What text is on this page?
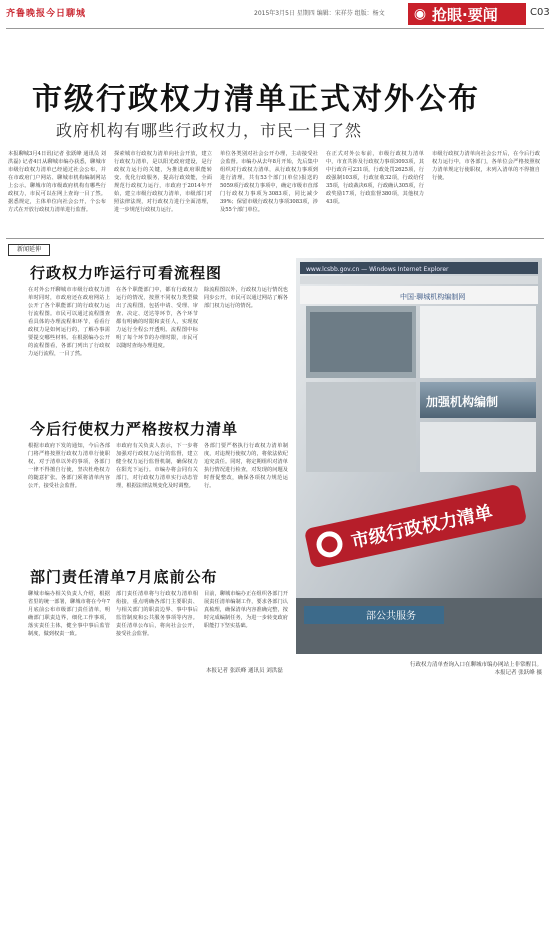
齐鲁晚报今日聊城	2015年3月5日 星期四 编辑：宋祥芬 组版：杨文 ◉ 抢眼·要闻	C03
市级行政权力清单正式对外公布
政府机构有哪些行政权力，市民一目了然
本报聊城3月4日讯(记者 张跃峰 通讯员 刘洪磊) 记者4日从聊城市编办获悉，聊城市市级行政权力清单已经通过社会公布，并在市政府门户网站、聊城市机构编制网站上公示。聊城市的市级政府机构有哪些行政权力，市民可以在网上查询一目了然。据悉规定，主体单位向社会公开，个公布方式在开放行政权力清单进行监督。
探索城市行政权力清单向社会开放，建立行政权力清单，是以阳光政府建设，是行政权力运行的关键，为推进政府职能转变、优化行政服务，提高行政效能，全面规范行政权力运行，市政府于2014年开始，建立市级行政权力清单，市级部门对照法律法规，对行政权力进行全面清理，进一步规范行政权力运行。
单位各类别对社会公开办理，主动接受社会监督。市编办从去年8月开始，先后集中组织对行政权力清单，从行政权力事项到进行清理，共有53个部门(单位)报送的5059项行政权力事项中，确定市级市直部门行政权力事项为3083项，同比减少39%；保留市级行政权力事项3083项，涉及55个部门单位。
在正式对外公布前，市级行政权力清单中，市直共涉及行政权力事项3093项，其中行政许可231项，行政处罚2625项，行政强制103项，行政征收32项，行政给付35项，行政裁决6项，行政确认305项，行政奖励17项，行政监督380项，其他权力43项。
市级行政权力清单向社会公开后，在今后行政权力运行中，市各部门，各单位会严格按照权力清单规定行使职权，未列入清单的不得擅自行使。
新闻延伸
行政权力咋运行可看流程图
在对外公开聊城市市级行政权力清单时同时，市政府还在政府网站上公开了各个职能部门的行政权力运行流程图。市民可以通过流程图查看具体的办理流程和环节，看看行政权力是如何运行的，了解办事需要提交哪些材料。在根据编办公开的流程图看，各部门列出了行政权力运行流程，一目了然。
在各个职能部门中，都有行政权力运行的情况，按照不同权力类型做出了流程图，包括申请、受理、审查、决定、送达等环节，各个环节都有明确的时限和责任人，实现权力运行全程公开透明。流程图中标明了每个环节的办理时限，市民可以随时查询办理进度。
除流程图以外，行政权力运行情况也同步公开，市民可以通过网站了解各部门权力运行的情况。
今后行使权力严格按权力清单
根据市政府下发的通知，今后各部门将严格按照行政权力清单行使职权，对于清单以外的事项，各部门一律不得擅自行使，坚决杜绝权力的随意扩张。各部门须将清单内容公开，接受社会监督。
市政府有关负责人表示，下一步将加强对行政权力运行的监督，建立健全权力运行监督机制，确保权力在阳光下运行。市编办将会同有关部门，对行政权力清单实行动态管理，根据法律法规变化及时调整。
各部门要严格执行行政权力清单制度，对违规行使权力的，将依法依纪追究责任。同时，将定期组织对清单执行情况进行检查，对发现的问题及时督促整改，确保各项权力规范运行。
部门责任清单7月底前公布
聊城市编办相关负责人介绍，根据省里的统一部署，聊城市将在今年7月底前公布市级部门责任清单，明确部门职责边界，细化工作事项，落实责任主体，健全事中事后监管制度，做到权责一致。
部门责任清单将与行政权力清单相衔接，重点明确各部门主要职责、与相关部门的职责边界、事中事后监管制度和公共服务事项等内容。责任清单公布后，将向社会公开，接受社会监督。
目前，聊城市编办正在组织各部门开展责任清单编制工作，要求各部门认真梳理，确保清单内容准确完整，按时完成编制任务，为进一步转变政府职能打下坚实基础。
本报记者 张跃峰 通讯员 刘洪磊
www.lcsbb.gov.cn — Windows Internet Explorer
中国·聊城机构编制网
加强机构编制
市级行政权力清单
部公共服务
行政权力清单查询入口在聊城市编办网站上非常醒目。
本报记者 张跃峰 摄
